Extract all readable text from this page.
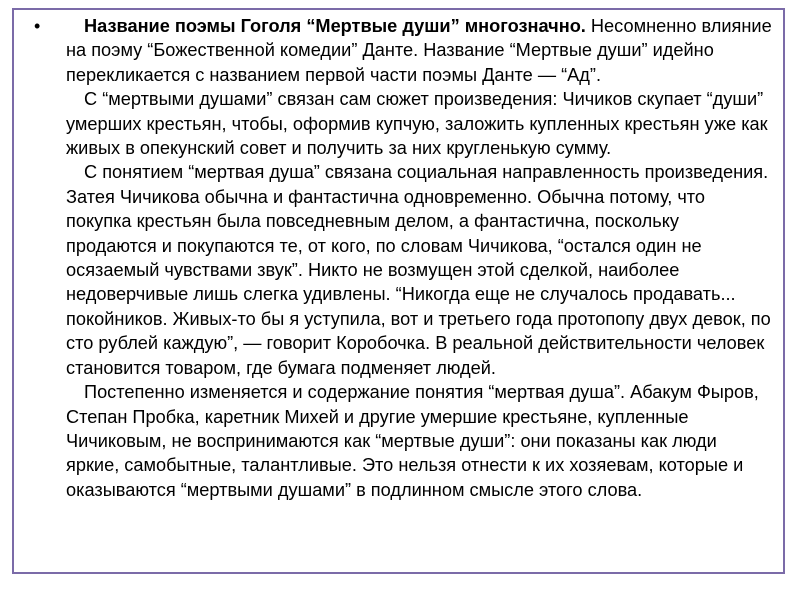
•	Название поэмы Гоголя “Мертвые души” многозначно. Несомненно влияние на поэму “Божественной комедии” Данте. Название “Мертвые души” идейно перекликается с названием первой части поэмы Данте — “Ад”.

С “мертвыми душами” связан сам сюжет произведения: Чичиков скупает “души” умерших крестьян, чтобы, оформив купчую, заложить купленных крестьян уже как живых в опекунский совет и получить за них кругленькую сумму.

С понятием “мертвая душа” связана социальная направленность произведения. Затея Чичикова обычна и фантастична одновременно. Обычна потому, что покупка крестьян была повседневным делом, а фантастична, поскольку продаются и покупаются те, от кого, по словам Чичикова, “остался один не осязаемый чувствами звук”. Никто не возмущен этой сделкой, наиболее недоверчивые лишь слегка удивлены. “Никогда еще не случалось продавать... покойников. Живых-то бы я уступила, вот и третьего года протопопу двух девок, по сто рублей каждую”, — говорит Коробочка. В реальной действительности человек становится товаром, где бумага подменяет людей.

Постепенно изменяется и содержание понятия “мертвая душа”. Абакум Фыров, Степан Пробка, каретник Михей и другие умершие крестьяне, купленные Чичиковым, не воспринимаются как “мертвые души”: они показаны как люди яркие, самобытные, талантливые. Это нельзя отнести к их хозяевам, которые и оказываются “мертвыми душами” в подлинном смысле этого слова.
